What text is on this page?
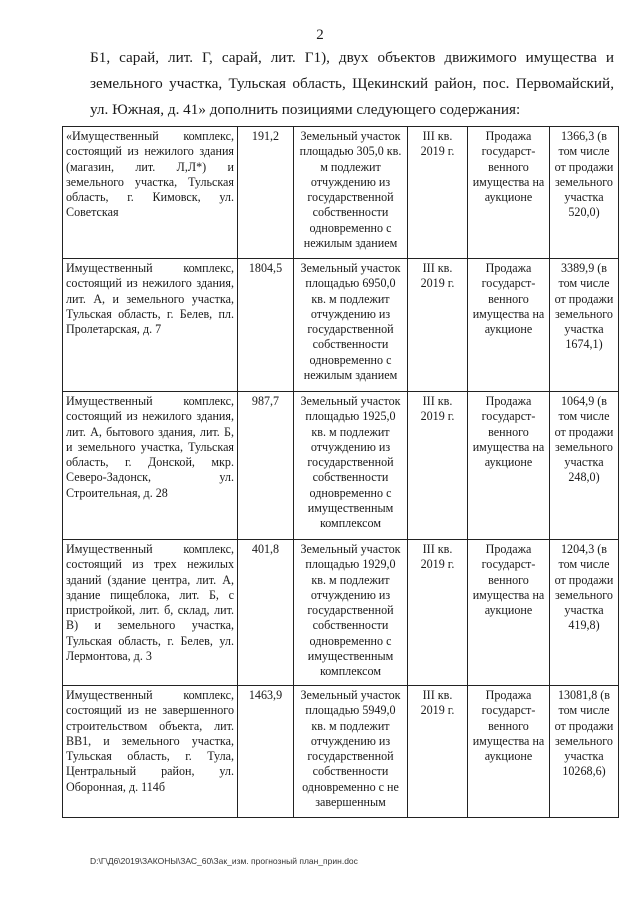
2
Б1, сарай, лит. Г, сарай, лит. Г1), двух объектов движимого имущества и
земельного участка, Тульская область, Щекинский район, пос. Первомайский,
ул. Южная, д. 41» дополнить позициями следующего содержания:
«Имущественный комплекс, состоящий из нежилого здания (магазин, лит. Л,Л*) и земельного участка, Тульская область, г. Кимовск, ул. Советская	191,2	Земельный участок площадью 305,0 кв. м подлежит отчуждению из государственной собственности одновременно с нежилым зданием	III кв. 2019 г.	Продажа государст-венного имущества на аукционе	1366,3 (в том числе от продажи земельного участка 520,0)
Имущественный комплекс, состоящий из нежилого здания, лит. А, и земельного участка, Тульская область, г. Белев, пл. Пролетарская, д. 7	1804,5	Земельный участок площадью 6950,0 кв. м подлежит отчуждению из государственной собственности одновременно с нежилым зданием	III кв. 2019 г.	Продажа государст-венного имущества на аукционе	3389,9 (в том числе от продажи земельного участка 1674,1)
Имущественный комплекс, состоящий из нежилого здания, лит. А, бытового здания, лит. Б, и земельного участка, Тульская область, г. Донской, мкр. Северо-Задонск, ул. Строительная, д. 28	987,7	Земельный участок площадью 1925,0 кв. м подлежит отчуждению из государственной собственности одновременно с имущественным комплексом	III кв. 2019 г.	Продажа государст-венного имущества на аукционе	1064,9 (в том числе от продажи земельного участка 248,0)
Имущественный комплекс, состоящий из трех нежилых зданий (здание центра, лит. А, здание пищеблока, лит. Б, с пристройкой, лит. б, склад, лит. В) и земельного участка, Тульская область, г. Белев, ул. Лермонтова, д. 3	401,8	Земельный участок площадью 1929,0 кв. м подлежит отчуждению из государственной собственности одновременно с имущественным комплексом	III кв. 2019 г.	Продажа государст-венного имущества на аукционе	1204,3 (в том числе от продажи земельного участка 419,8)
Имущественный комплекс, состоящий из не завершенного строительством объекта, лит. ВВ1, и земельного участка, Тульская область, г. Тула, Центральный район, ул. Оборонная, д. 114б	1463,9	Земельный участок площадью 5949,0 кв. м подлежит отчуждению из государственной собственности одновременно с не завершенным	III кв. 2019 г.	Продажа государст-венного имущества на аукционе	13081,8 (в том числе от продажи земельного участка 10268,6)
D:\Г\Д6\2019\ЗАКОНЫ\ЗАС_60\Зак_изм. прогнозный план_прин.doc
